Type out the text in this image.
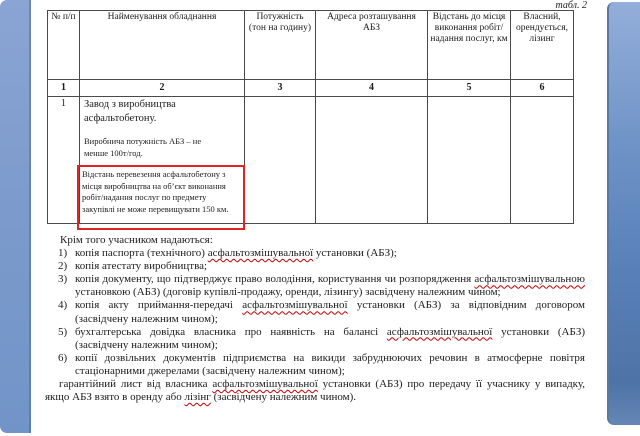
табл. 2
№ п/п	Найменування обладнання	Потужність (тон на годину)	Адреса розташування АБЗ	Відстань до місця виконання робіт/надання послуг, км	Власний, орендується, лізинг
1	2	3	4	5	6
1	Завод з виробництва асфальтобетону.
Виробнича потужність АБЗ – не менше 100т/год.				

Відстань перевезення асфальтобетону з місця виробництва на об’єкт виконання робіт/надання послуг по предмету закупівлі не може перевищувати 150 км.
Крім того учасником надаються:
1) копія паспорта (технічного) асфальтозмішувальної установки (АБЗ);
2) копія атестату виробництва;
3) копія документу, що підтверджує право володіння, користування чи розпорядження асфальтозмішувальною установкою (АБЗ) (договір купівлі-продажу, оренди, лізингу) засвідчену належним чином;
4) копія акту приймання-передачі асфальтозмішувальної установки (АБЗ) за відповідним договором (засвідчену належним чином);
5) бухгалтерська довідка власника про наявність на балансі асфальтозмішувальної установки (АБЗ) (засвідчену належним чином);
6) копії дозвільних документів підприємства на викиди забруднюючих речовин в атмосферне повітря стаціонарними джерелами (засвідчену належним чином);
гарантійний лист від власника асфальтозмішувальної установки (АБЗ) про передачу її учаснику у випадку, якщо АБЗ взято в оренду або лізінг (засвідчену належним чином).
